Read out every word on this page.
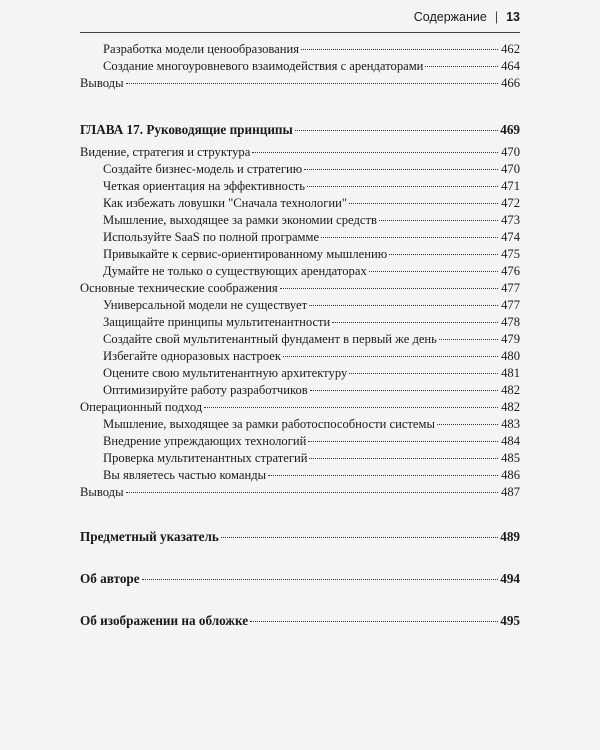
Содержание | 13
Разработка модели ценообразования	462
Создание многоуровневого взаимодействия с арендаторами	464
Выводы	466
ГЛАВА 17. Руководящие принципы	469
Видение, стратегия и структура	470
Создайте бизнес-модель и стратегию	470
Четкая ориентация на эффективность	471
Как избежать ловушки "Сначала технологии"	472
Мышление, выходящее за рамки экономии средств	473
Используйте SaaS по полной программе	474
Привыкайте к сервис-ориентированному мышлению	475
Думайте не только о существующих арендаторах	476
Основные технические соображения	477
Универсальной модели не существует	477
Защищайте принципы мультитенантности	478
Создайте свой мультитенантный фундамент в первый же день	479
Избегайте одноразовых настроек	480
Оцените свою мультитенантную архитектуру	481
Оптимизируйте работу разработчиков	482
Операционный подход	482
Мышление, выходящее за рамки работоспособности системы	483
Внедрение упреждающих технологий	484
Проверка мультитенантных стратегий	485
Вы являетесь частью команды	486
Выводы	487
Предметный указатель	489
Об авторе	494
Об изображении на обложке	495
